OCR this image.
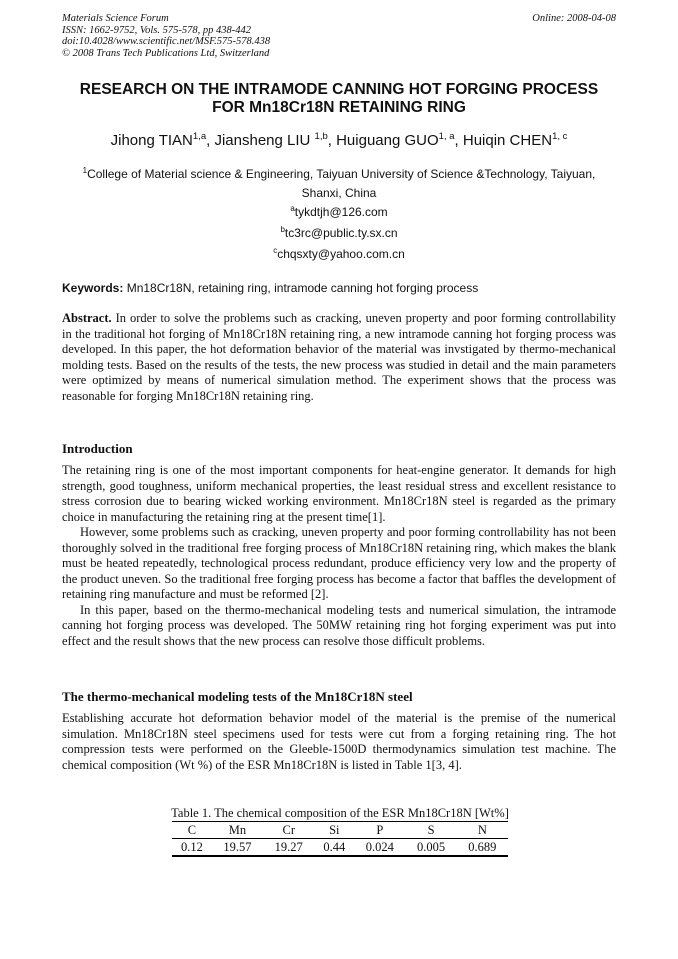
Materials Science Forum
ISSN: 1662-9752, Vols. 575-578, pp 438-442
doi:10.4028/www.scientific.net/MSF.575-578.438
© 2008 Trans Tech Publications Ltd, Switzerland
Online: 2008-04-08
RESEARCH ON THE INTRAMODE CANNING HOT FORGING PROCESS
FOR Mn18Cr18N RETAINING RING
Jihong TIAN$^{1,a}$, Jiansheng LIU $^{1,b}$, Huiguang GUO$^{1, a}$, Huiqin CHEN$^{1, c}$
$^1$College of Material science & Engineering, Taiyuan University of Science &Technology, Taiyuan, Shanxi, China
$^a$tykdtjh@126.com
$^b$tc3rc@public.ty.sx.cn
$^c$chqsxty@yahoo.com.cn
Keywords: Mn18Cr18N, retaining ring, intramode canning hot forging process
Abstract. In order to solve the problems such as cracking, uneven property and poor forming controllability in the traditional hot forging of Mn18Cr18N retaining ring, a new intramode canning hot forging process was developed. In this paper, the hot deformation behavior of the material was invstigated by thermo-mechanical molding tests. Based on the results of the tests, the new process was studied in detail and the main parameters were optimized by means of numerical simulation method. The experiment shows that the process was reasonable for forging Mn18Cr18N retaining ring.
Introduction
The retaining ring is one of the most important components for heat-engine generator. It demands for high strength, good toughness, uniform mechanical properties, the least residual stress and excellent resistance to stress corrosion due to bearing wicked working environment. Mn18Cr18N steel is regarded as the primary choice in manufacturing the retaining ring at the present time[1].
However, some problems such as cracking, uneven property and poor forming controllability has not been thoroughly solved in the traditional free forging process of Mn18Cr18N retaining ring, which makes the blank must be heated repeatedly, technological process redundant, produce efficiency very low and the property of the product uneven. So the traditional free forging process has become a factor that baffles the development of retaining ring manufacture and must be reformed [2].
In this paper, based on the thermo-mechanical modeling tests and numerical simulation, the intramode canning hot forging process was developed. The 50MW retaining ring hot forging experiment was put into effect and the result shows that the new process can resolve those difficult problems.
The thermo-mechanical modeling tests of the Mn18Cr18N steel
Establishing accurate hot deformation behavior model of the material is the premise of the numerical simulation. Mn18Cr18N steel specimens used for tests were cut from a forging retaining ring. The hot compression tests were performed on the Gleeble-1500D thermodynamics simulation test machine. The chemical composition (Wt %) of the ESR Mn18Cr18N is listed in Table 1[3, 4].
Table 1. The chemical composition of the ESR Mn18Cr18N [Wt%]
C	Mn	Cr	Si	P	S	N
0.12	19.57	19.27	0.44	0.024	0.005	0.689
